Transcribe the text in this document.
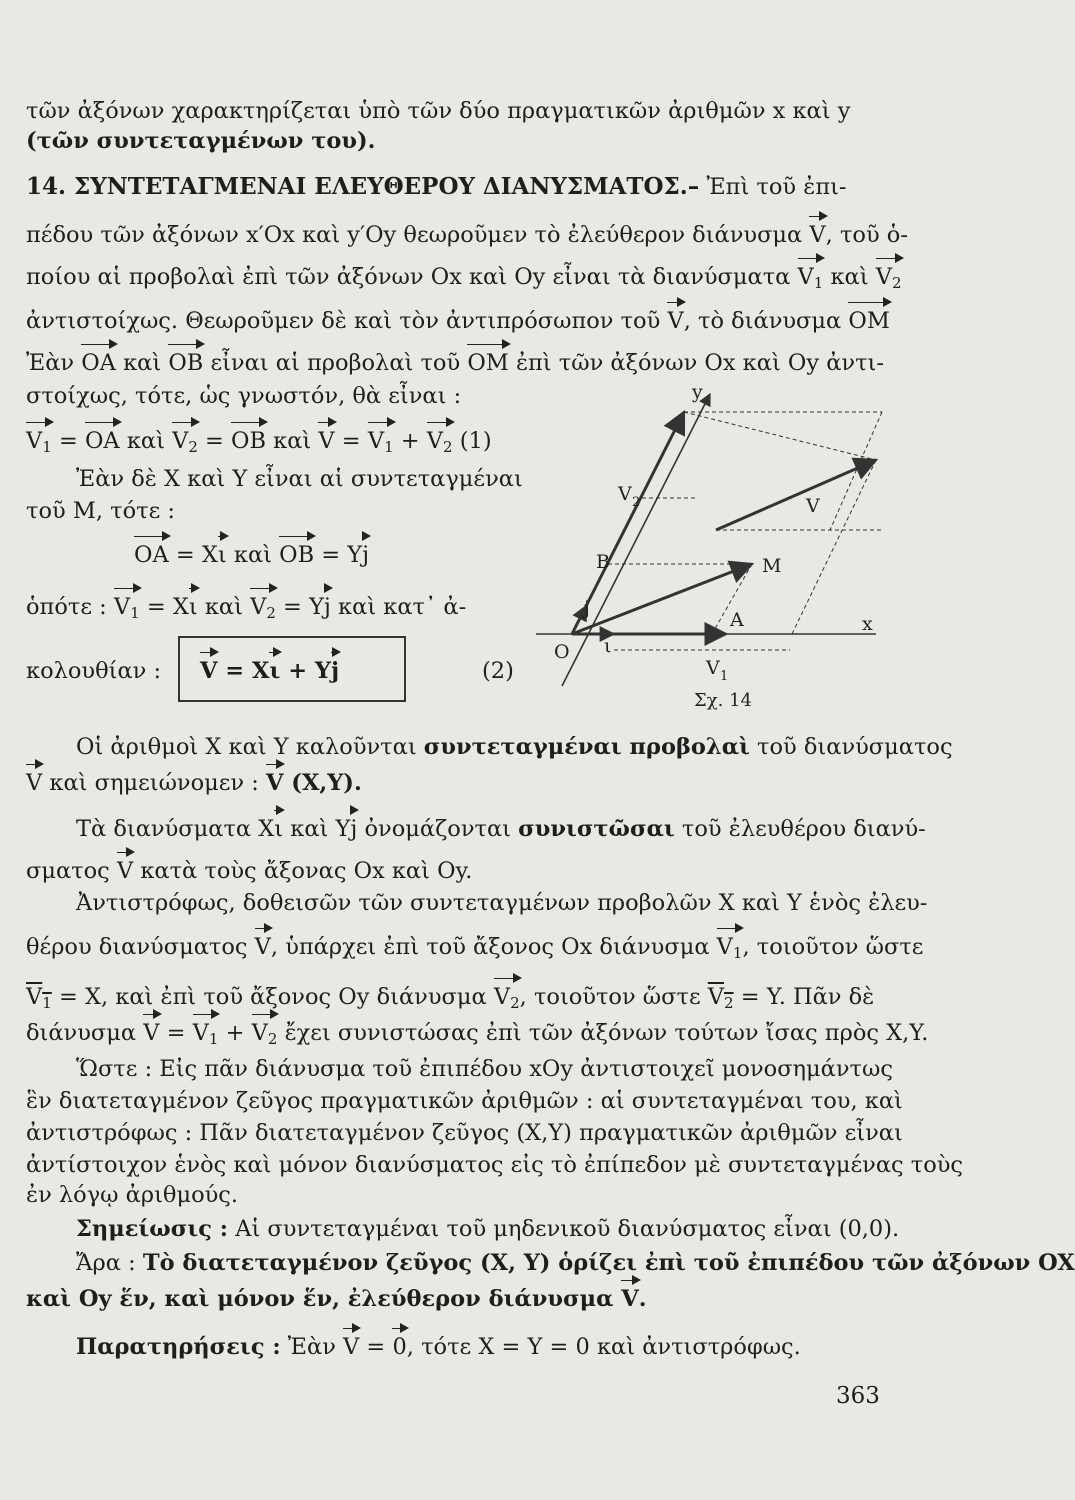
τῶν ἀξόνων χαρακτηρίζεται ὑπὸ τῶν δύο πραγματικῶν ἀριθμῶν x καὶ y

(τῶν συντεταγμένων του).

14. ΣΥΝΤΕΤΑΓΜΕΝΑΙ ΕΛΕΥΘΕΡΟΥ ΔΙΑΝΥΣΜΑΤΟΣ.– Ἐπὶ τοῦ ἐπι-

πέδου τῶν ἀξόνων x′Ox καὶ y′Oy θεωροῦμεν τὸ ἐλεύθερον διάνυσμα V, τοῦ ὁ-

ποίου αἱ προβολαὶ ἐπὶ τῶν ἀξόνων Ox καὶ Oy εἶναι τὰ διανύσματα $V_1$ καὶ $V_2$

ἀντιστοίχως. Θεωροῦμεν δὲ καὶ τὸν ἀντιπρόσωπον τοῦ V, τὸ διάνυσμα OM

Ἐὰν OA καὶ OB εἶναι αἱ προβολαὶ τοῦ OM ἐπὶ τῶν ἀξόνων Ox καὶ Oy ἀντι-

στοίχως, τότε, ὡς γνωστόν, θὰ εἶναι :

$V_1$ = OA καὶ $V_2$ = OB καὶ $V = V_1 + V_2$ (1)

Ἐὰν δὲ X καὶ Y εἶναι αἱ συντεταγμέναι

τοῦ M, τότε :

OA = Xι καὶ OB = Yj

ὁπότε : $V_1 = X\iota$ καὶ $V_2 = Yj$ καὶ κατ᾿ ἀ-

κολουθίαν :	V = Xι + Yj	(2)

y
x
O ι
j
A
B	M
V
V 1
V 2
Σχ. 14

Οἱ ἀριθμοὶ X καὶ Y καλοῦνται συντεταγμέναι προβολαὶ τοῦ διανύσματος

V καὶ σημειώνομεν : V (X,Y).

Τὰ διανύσματα Xι καὶ Yj ὀνομάζονται συνιστῶσαι τοῦ ἐλευθέρου διανύ-

σματος V κατὰ τοὺς ἄξονας Ox καὶ Oy.

Ἀντιστρόφως, δοθεισῶν τῶν συντεταγμένων προβολῶν X καὶ Y ἑνὸς ἐλευ-

θέρου διανύσματος V, ὑπάρχει ἐπὶ τοῦ ἄξονος Ox διάνυσμα $V_1$, τοιοῦτον ὥστε

$V_1 = X$, καὶ ἐπὶ τοῦ ἄξονος Oy διάνυσμα $V_2$, τοιοῦτον ὥστε $V_2 = Y$. Πᾶν δὲ

διάνυσμα $V = V_1 + V_2$ ἔχει συνιστώσας ἐπὶ τῶν ἀξόνων τούτων ἴσας πρὸς X,Y.

Ὥστε : Εἰς πᾶν διάνυσμα τοῦ ἐπιπέδου xOy ἀντιστοιχεῖ μονοσημάντως

ἓν διατεταγμένον ζεῦγος πραγματικῶν ἀριθμῶν : αἱ συντεταγμέναι του, καὶ

ἀντιστρόφως : Πᾶν διατεταγμένον ζεῦγος (X,Y) πραγματικῶν ἀριθμῶν εἶναι

ἀντίστοιχον ἑνὸς καὶ μόνον διανύσματος εἰς τὸ ἐπίπεδον μὲ συντεταγμένας τοὺς

ἐν λόγῳ ἀριθμούς.

Σημείωσις : Αἱ συντεταγμέναι τοῦ μηδενικοῦ διανύσματος εἶναι (0,0).

Ἄρα : Τὸ διατεταγμένον ζεῦγος (X, Y) ὁρίζει ἐπὶ τοῦ ἐπιπέδου τῶν ἀξόνων OX

καὶ Oy ἕν, καὶ μόνον ἕν, ἐλεύθερον διάνυσμα V.

Παρατηρήσεις : Ἐὰν V = 0, τότε X = Y = 0 καὶ ἀντιστρόφως.

363
